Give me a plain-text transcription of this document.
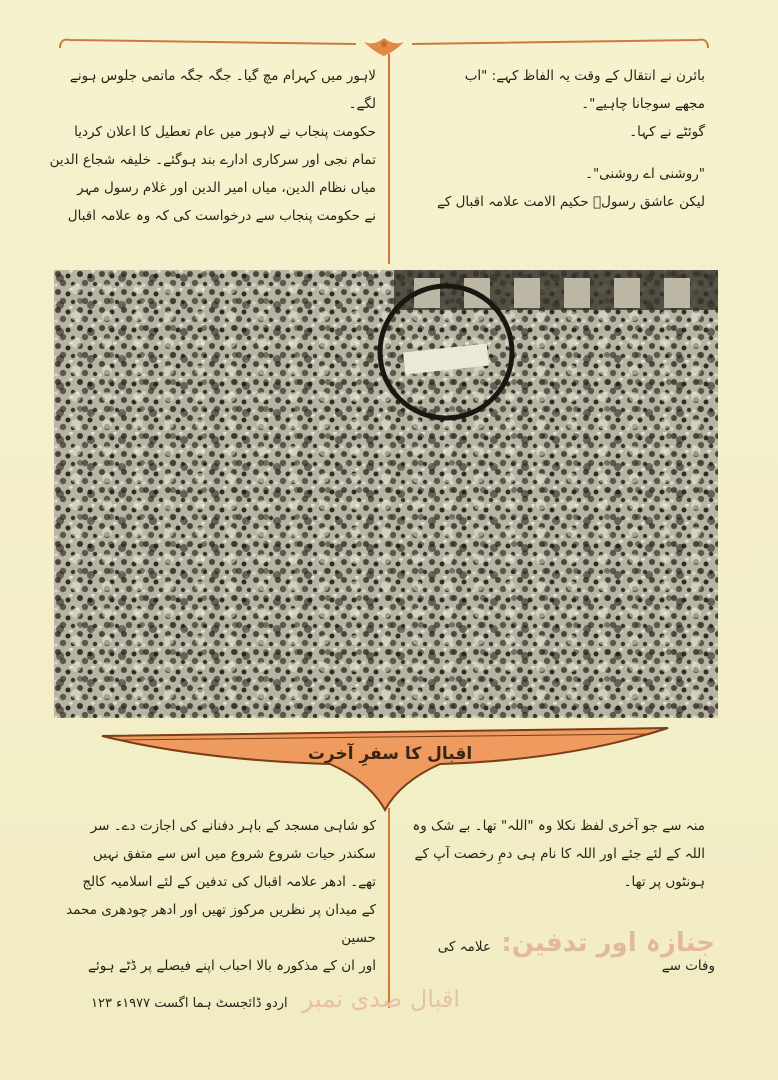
بائرن نے انتقال کے وقت یہ الفاظ کہے: "اب

مجھے سوجانا چاہیے"۔

گوئٹے نے کہا۔

"روشنی اے روشنی"۔

لیکن عاشق رسولؐ حکیم الامت علامہ اقبال کے

لاہور میں کہرام مچ گیا۔ جگہ جگہ ماتمی جلوس ہونے لگے۔

حکومت پنجاب نے لاہور میں عام تعطیل کا اعلان کردیا

تمام نجی اور سرکاری ادارے بند ہوگئے۔ خلیفہ شجاع الدین

میاں نظام الدین، میاں امیر الدین اور غلام رسول مہر

نے حکومت پنجاب سے درخواست کی کہ وہ علامہ اقبال

اقبال کا سفرِ آخرت

منہ سے جو آخری لفظ نکلا وہ "اللہ" تھا۔ بے شک وہ

اللہ کے لئے جئے اور اللہ کا نام ہی دمِ رخصت آپ کے

ہونٹوں پر تھا۔

جنازہ اور تدفین: علامہ کی وفات سے

کو شاہی مسجد کے باہر دفنانے کی اجازت دے۔ سر

سکندر حیات شروع شروع میں اس سے متفق نہیں

تھے۔ ادھر علامہ اقبال کی تدفین کے لئے اسلامیہ کالج

کے میدان پر نظریں مرکوز تھیں اور ادھر چودھری محمد حسین

اور ان کے مذکورہ بالا احباب اپنے فیصلے پر ڈٹے ہوئے

اقبال صدی نمبر اردو ڈائجسٹ ہما اگست ۱۹۷۷ء ۱۲۳
